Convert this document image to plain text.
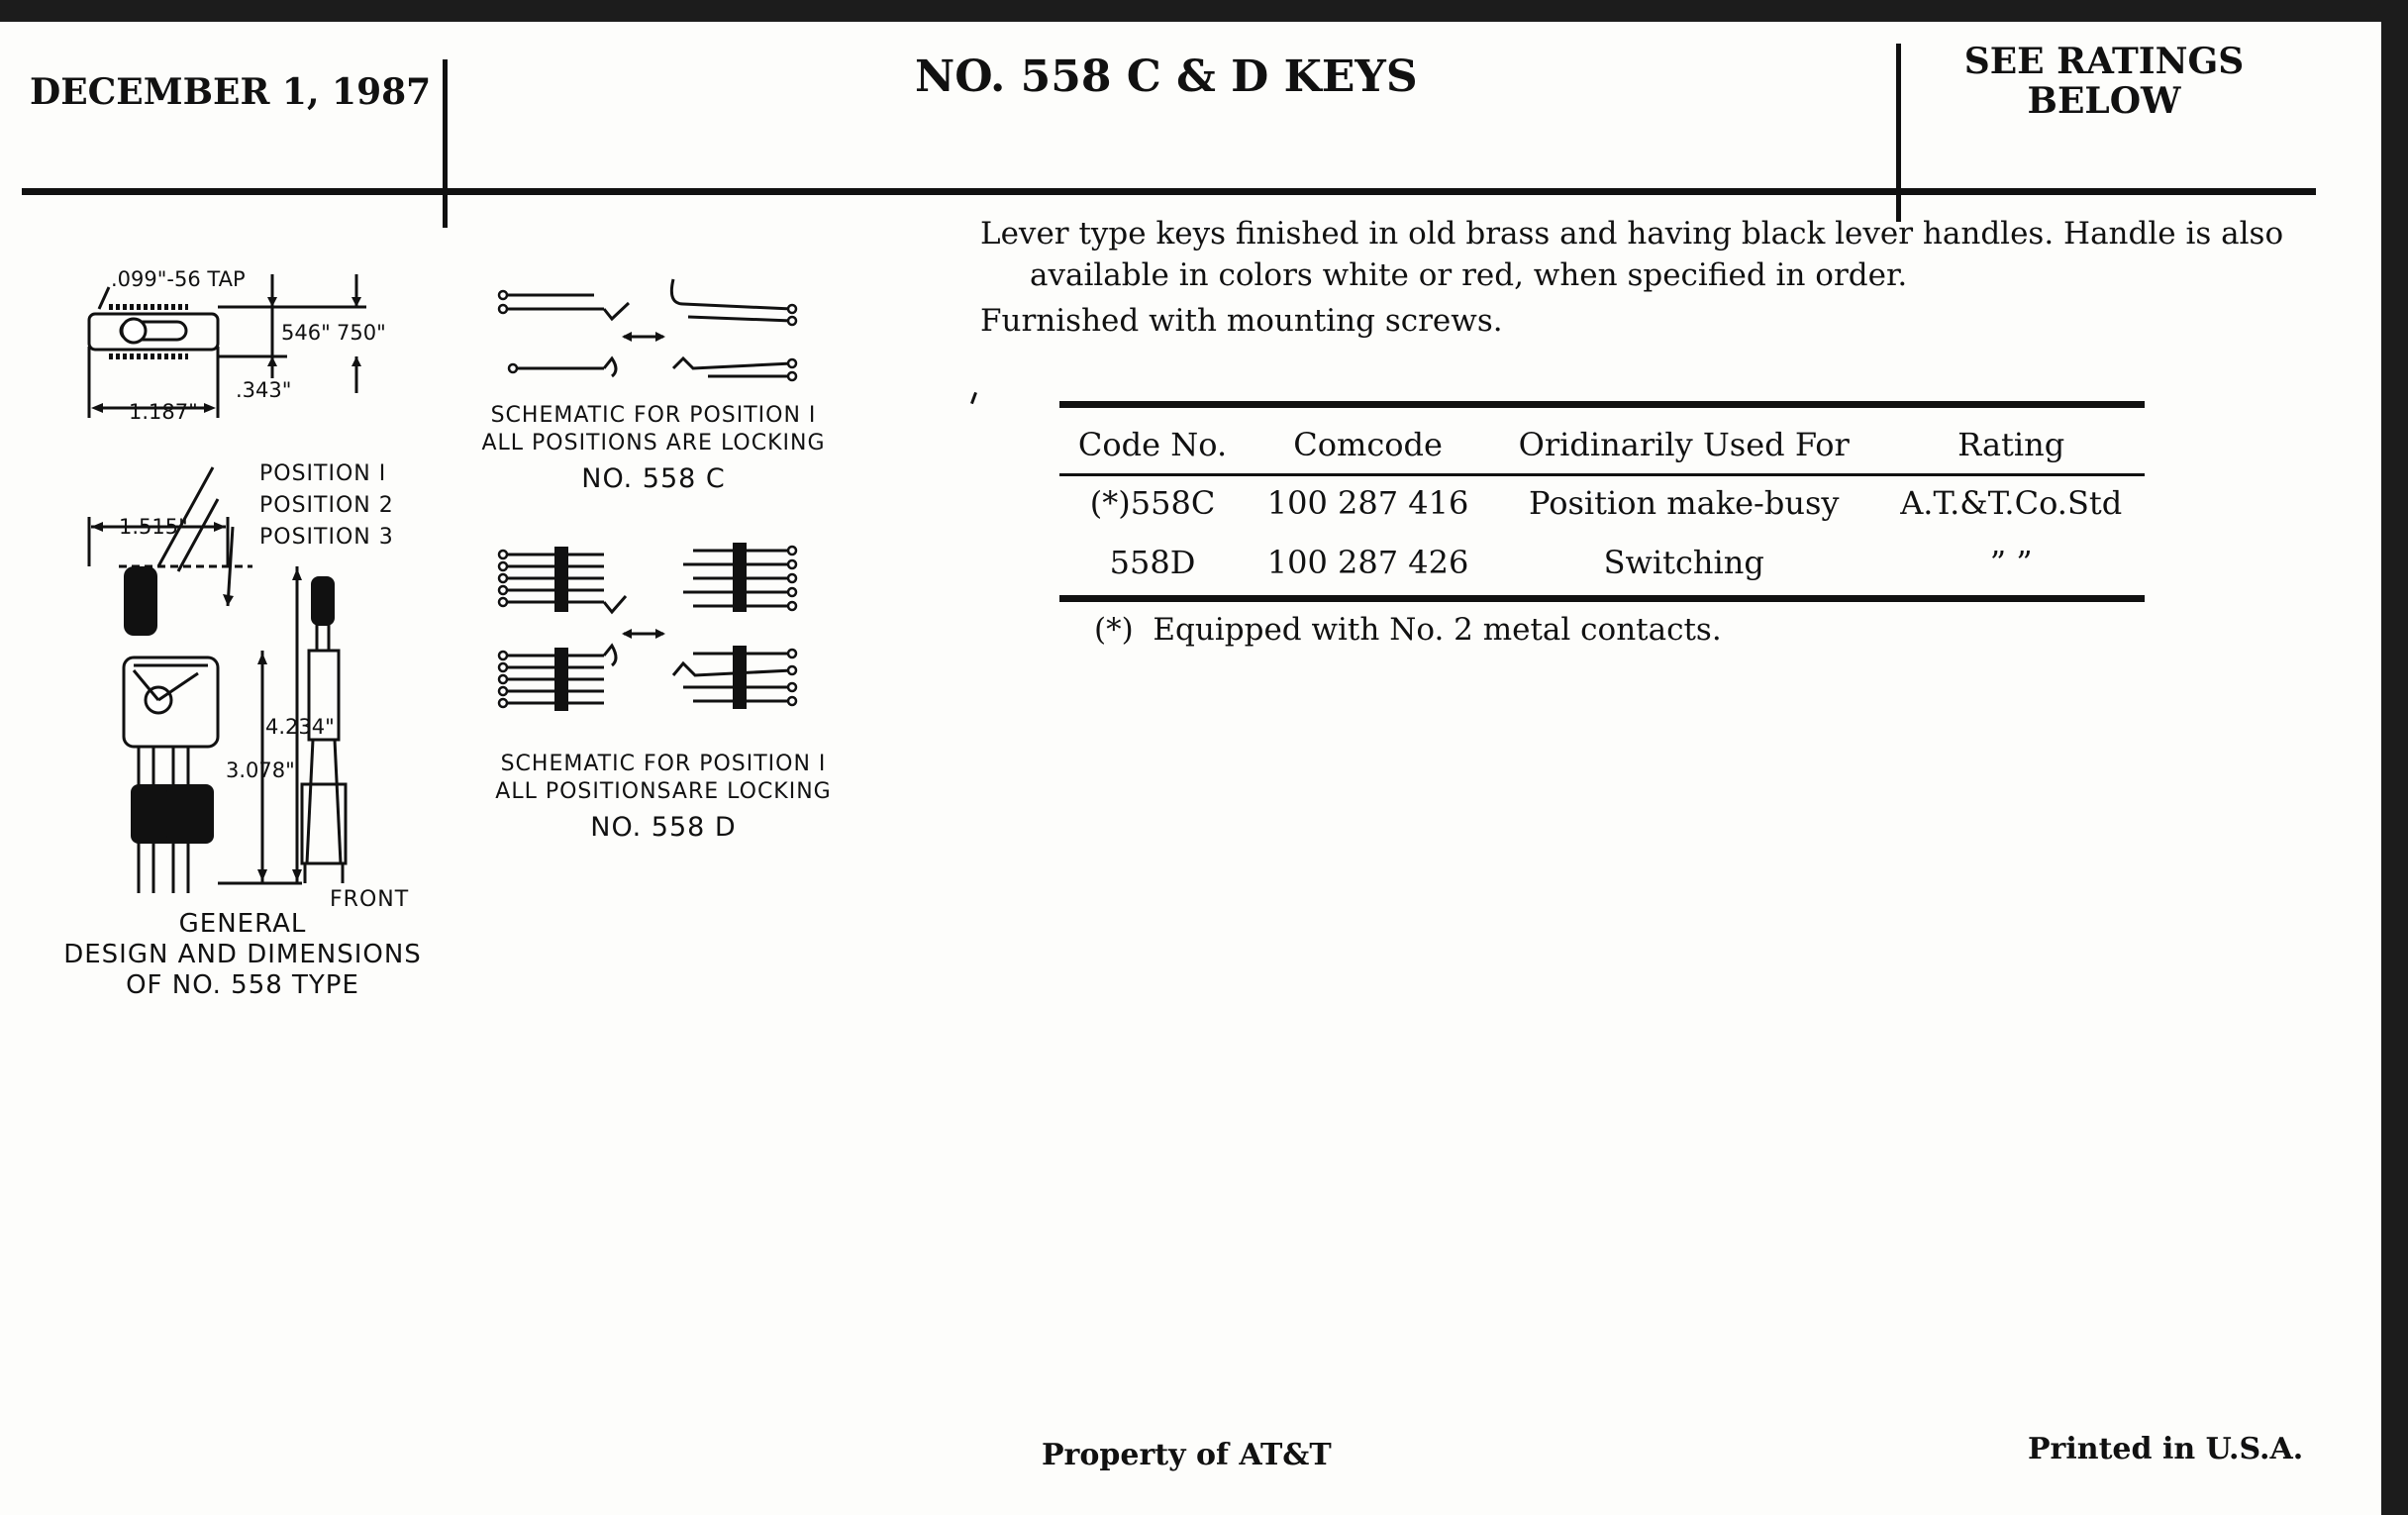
DECEMBER 1, 1987	NO. 558 C & D KEYS	SEE RATINGS
BELOW
Lever type keys finished in old brass and having black lever handles. Handle is also
available in colors white or red, when specified in order.
Furnished with mounting screws.
Code No.	Comcode	Oridinarily Used For	Rating
(*)558C	100 287 416	Position make-busy	A.T.&T.Co.Std
558D	100 287 426	Switching	” ”
(*)  Equipped with No. 2 metal contacts.
.099"-56 TAP
546" 750"
.343"
1.187"
1.515"
POSITION I
POSITION 2
POSITION 3
4.234"
3.078"
FRONT
GENERAL
DESIGN AND DIMENSIONS
OF NO. 558 TYPE
SCHEMATIC FOR POSITION I
ALL POSITIONS ARE LOCKING
NO. 558 C
SCHEMATIC FOR POSITION I
ALL POSITIONSARE LOCKING
NO. 558 D
Property of AT&T	Printed in U.S.A.
